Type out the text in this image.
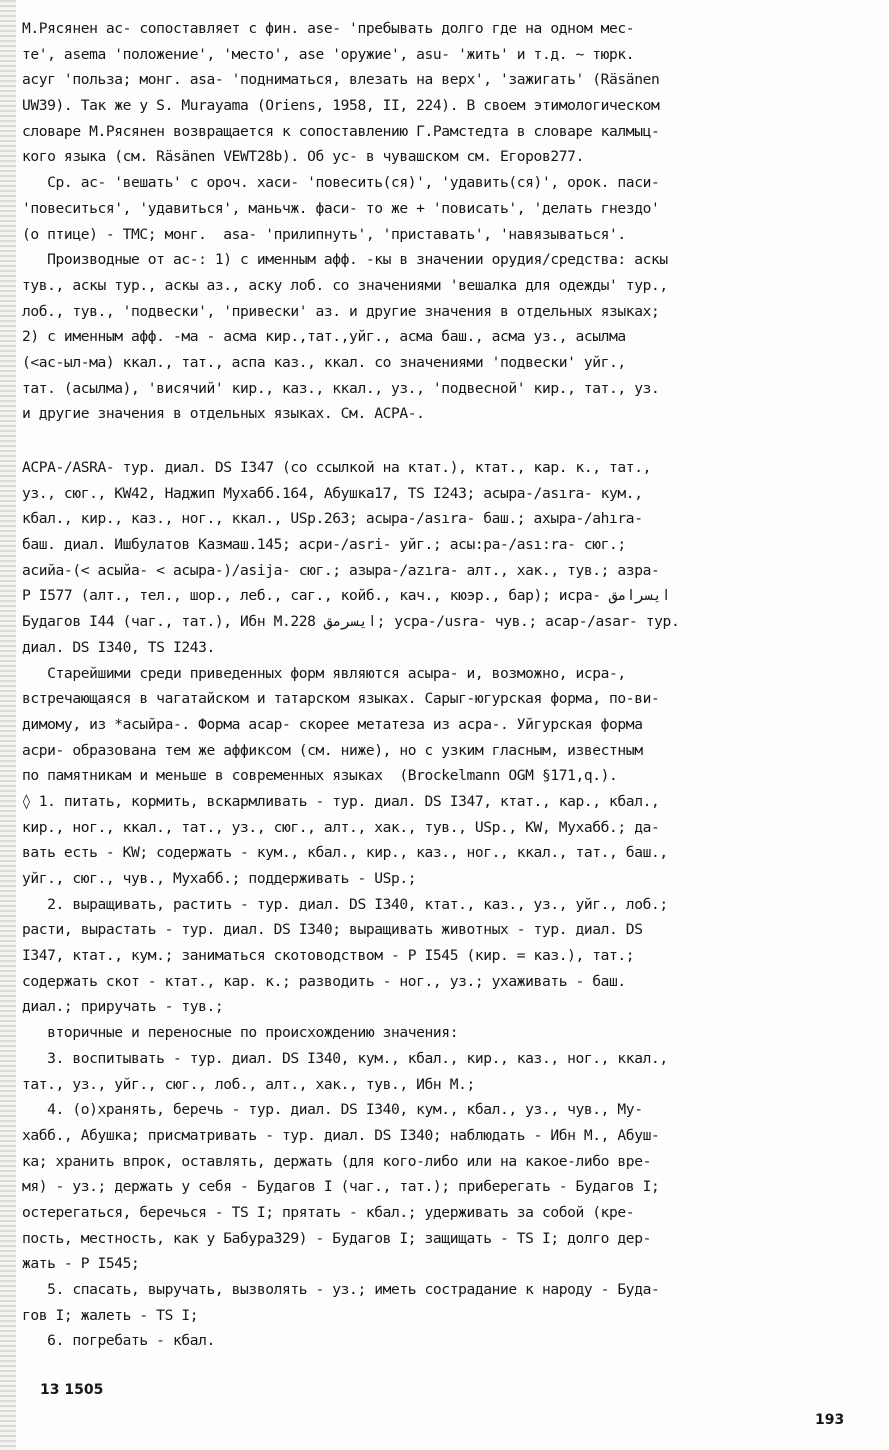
М.Рясянен ас- сопоставляет с фин. ase- 'пребывать долго где на одном мес-
те', asema 'положение', 'место', ase 'оружие', asu- 'жить' и т.д. ~ тюрк.
асуг 'польза; монг. asa- 'подниматься, влезать на верх', 'зажигать' (Räsänen
UW39). Так же у S. Murayama (Oriens, 1958, II, 224). В своем этимологическом
словаре М.Рясянен возвращается к сопоставлению Г.Рамстедта в словаре калмыц-
кого языка (см. Räsänen VEWT28b). Об ус- в чувашском см. Егоров277.
Ср. ас- 'вешать' с ороч. хаси- 'повесить(ся)', 'удавить(ся)', орок. паси-
'повеситься', 'удавиться', маньчж. фаси- то же + 'повисать', 'делать гнездо'
(о птице) - ТМС; монг.  asa- 'прилипнуть', 'приставать', 'навязываться'.
Производные от ас-: 1) с именным афф. -кы в значении орудия/средства: аскы
тув., аскы тур., аскы аз., аску лоб. со значениями 'вешалка для одежды' тур.,
лоб., тув., 'подвески', 'привески' аз. и другие значения в отдельных языках;
2) с именным афф. -ма - асма кир.,тат.,уйг., асма баш., асма уз., асылма
(<ас-ыл-ма) ккал., тат., аспа каз., ккал. со значениями 'подвески' уйг.,
тат. (асылма), 'висячий' кир., каз., ккал., уз., 'подвесной' кир., тат., уз.
и другие значения в отдельных языках. См. АСРА-.
АСРА-/ASRA- тур. диал. DS I347 (со ссылкой на ктат.), ктат., кар. к., тат.,
уз., сюг., KW42, Наджип Мухабб.164, Абушка17, TS I243; асыра-/asıra- кум.,
кбал., кир., каз., ног., ккал., USp.263; асыра-/asıra- баш.; ахыра-/ahıra-
баш. диал. Ишбулатов Казмаш.145; асри-/asri- уйг.; асы:ра-/ası:ra- сюг.;
асийа-(< асыйа- < асыра-)/asija- сюг.; азыра-/azıra- алт., хак., тув.; азра-
Р I577 (алт., тел., шор., леб., саг., койб., кач., кюэр., бар); исра- ايسرامق
Будагов I44 (чаг., тат.), Ибн М.228 ايسرمق; усра-/usra- чув.; асар-/asar- тур.
диал. DS I340, TS I243.
Старейшими среди приведенных форм являются асыра- и, возможно, исра-,
встречающаяся в чагатайском и татарском языках. Сарыг-югурская форма, по-ви-
димому, из *асыйра-. Форма асар- скорее метатеза из асра-. Уйгурская форма
асри- образована тем же аффиксом (см. ниже), но с узким гласным, известным
по памятникам и меньше в современных языках  (Brockelmann OGM §171,q.).
◊ 1. питать, кормить, вскармливать - тур. диал. DS I347, ктат., кар., кбал.,
кир., ног., ккал., тат., уз., сюг., алт., хак., тув., USp., KW, Мухабб.; да-
вать есть - KW; содержать - кум., кбал., кир., каз., ног., ккал., тат., баш.,
уйг., сюг., чув., Мухабб.; поддерживать - USp.;
2. выращивать, растить - тур. диал. DS I340, ктат., каз., уз., уйг., лоб.;
расти, вырастать - тур. диал. DS I340; выращивать животных - тур. диал. DS
I347, ктат., кум.; заниматься скотоводством - Р I545 (кир. = каз.), тат.;
содержать скот - ктат., кар. к.; разводить - ног., уз.; ухаживать - баш.
диал.; приручать - тув.;
вторичные и переносные по происхождению значения:
3. воспитывать - тур. диал. DS I340, кум., кбал., кир., каз., ног., ккал.,
тат., уз., уйг., сюг., лоб., алт., хак., тув., Ибн М.;
4. (о)хранять, беречь - тур. диал. DS I340, кум., кбал., уз., чув., Му-
хабб., Абушка; присматривать - тур. диал. DS I340; наблюдать - Ибн М., Абуш-
ка; хранить впрок, оставлять, держать (для кого-либо или на какое-либо вре-
мя) - уз.; держать у себя - Будагов I (чаг., тат.); приберегать - Будагов I;
остерегаться, беречься - TS I; прятать - кбал.; удерживать за собой (кре-
пость, местность, как у Бабура329) - Будагов I; защищать - TS I; долго дер-
жать - Р I545;
5. спасать, выручать, вызволять - уз.; иметь сострадание к народу - Буда-
гов I; жалеть - TS I;
6. погребать - кбал.
13 1505
193
